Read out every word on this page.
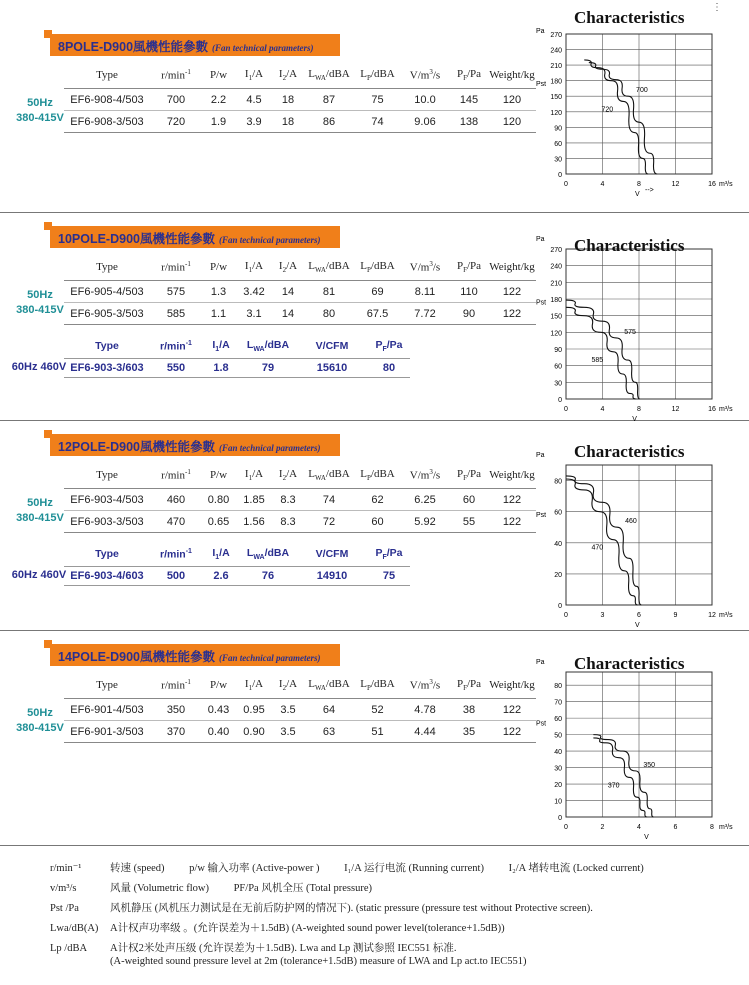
8POLE-D900風機性能參數 (Fan technical parameters)
Type	$r/\min^{-1}$	P/w	$I_1/A$	$I_2/A$	$L_{WA}$/dBA	$L_P$/dBA	$V/m^3/s$	$P_F/Pa$	Weight/kg
EF6-908-4/503	700	2.2	4.5	18	87	75	10.0	145	120
EF6-908-3/503	720	1.9	3.9	18	86	74	9.06	138	120
50Hz
380-415V
10POLE-D900風機性能參數 (Fan technical parameters)
Type	$r/\min^{-1}$	P/w	$I_1/A$	$I_2/A$	$L_{WA}$/dBA	$L_P$/dBA	$V/m^3/s$	$P_F/Pa$	Weight/kg
EF6-905-4/503	575	1.3	3.42	14	81	69	8.11	110	122
EF6-905-3/503	585	1.1	3.1	14	80	67.5	7.72	90	122
50Hz
380-415V
Type	$r/\min^{-1}$	$I_1/A$	$L_{WA}$/dBA	V/CFM	$P_F/Pa$
EF6-903-3/603	550	1.8	79	15610	80
60Hz 460V
12POLE-D900風機性能參數 (Fan technical parameters)
Type	$r/\min^{-1}$	P/w	$I_1/A$	$I_2/A$	$L_{WA}$/dBA	$L_P$/dBA	$V/m^3/s$	$P_F/Pa$	Weight/kg
EF6-903-4/503	460	0.80	1.85	8.3	74	62	6.25	60	122
EF6-903-3/503	470	0.65	1.56	8.3	72	60	5.92	55	122
50Hz
380-415V
Type	$r/\min^{-1}$	$I_1/A$	$L_{WA}$/dBA	V/CFM	$P_F/Pa$
EF6-903-4/603	500	2.6	76	14910	75
60Hz 460V
14POLE-D900風機性能參數 (Fan technical parameters)
Type	$r/\min^{-1}$	P/w	$I_1/A$	$I_2/A$	$L_{WA}$/dBA	$L_P$/dBA	$V/m^3/s$	$P_F/Pa$	Weight/kg
EF6-901-4/503	350	0.43	0.95	3.5	64	52	4.78	38	122
EF6-901-3/503	370	0.40	0.90	3.5	63	51	4.44	35	122
50Hz
380-415V
0
30
60
90
120
150
180
210
240
270
0	4	8	12	16
Pa
Pst
m³/s
V
-->
700
720
0
30
60
90
120
150
180
210
240
270
0	4	8	12	16
Pa
Pst
m³/s
V
575
585
0
20
40
60
80
0	3	6	9	12
Pa
Pst
m³/s
V
460
470
0
10
20
30
40
50
60
70
80
0	2	4	6	8
Pa
Pst
m³/s
V
350
370
Characteristics
Characteristics
Characteristics
Characteristics
r/min⁻¹	转速 (speed) p/w 输入功率 (Active-power ) I₁/A 运行电流 (Running current) I₂/A 堵转电流 (Locked current)
v/m³/s	风量 (Volumetric flow) PF/Pa 风机全压 (Total pressure)
Pst /Pa	风机静压 (风机压力测试是在无前后防护网的情况下). (static pressure (pressure test without Protective screen).
Lwa/dB(A) A计权声功率级 。(允许误差为＋1.5dB) (A-weighted sound power level(tolerance+1.5dB))
Lp /dBA A计权2米处声压级 (允许误差为＋1.5dB). Lwa and Lp 测试参照 IEC551 标准.
(A-weighted sound pressure level at 2m (tolerance+1.5dB) measure of LWA and Lp act.to IEC551)
⋮
